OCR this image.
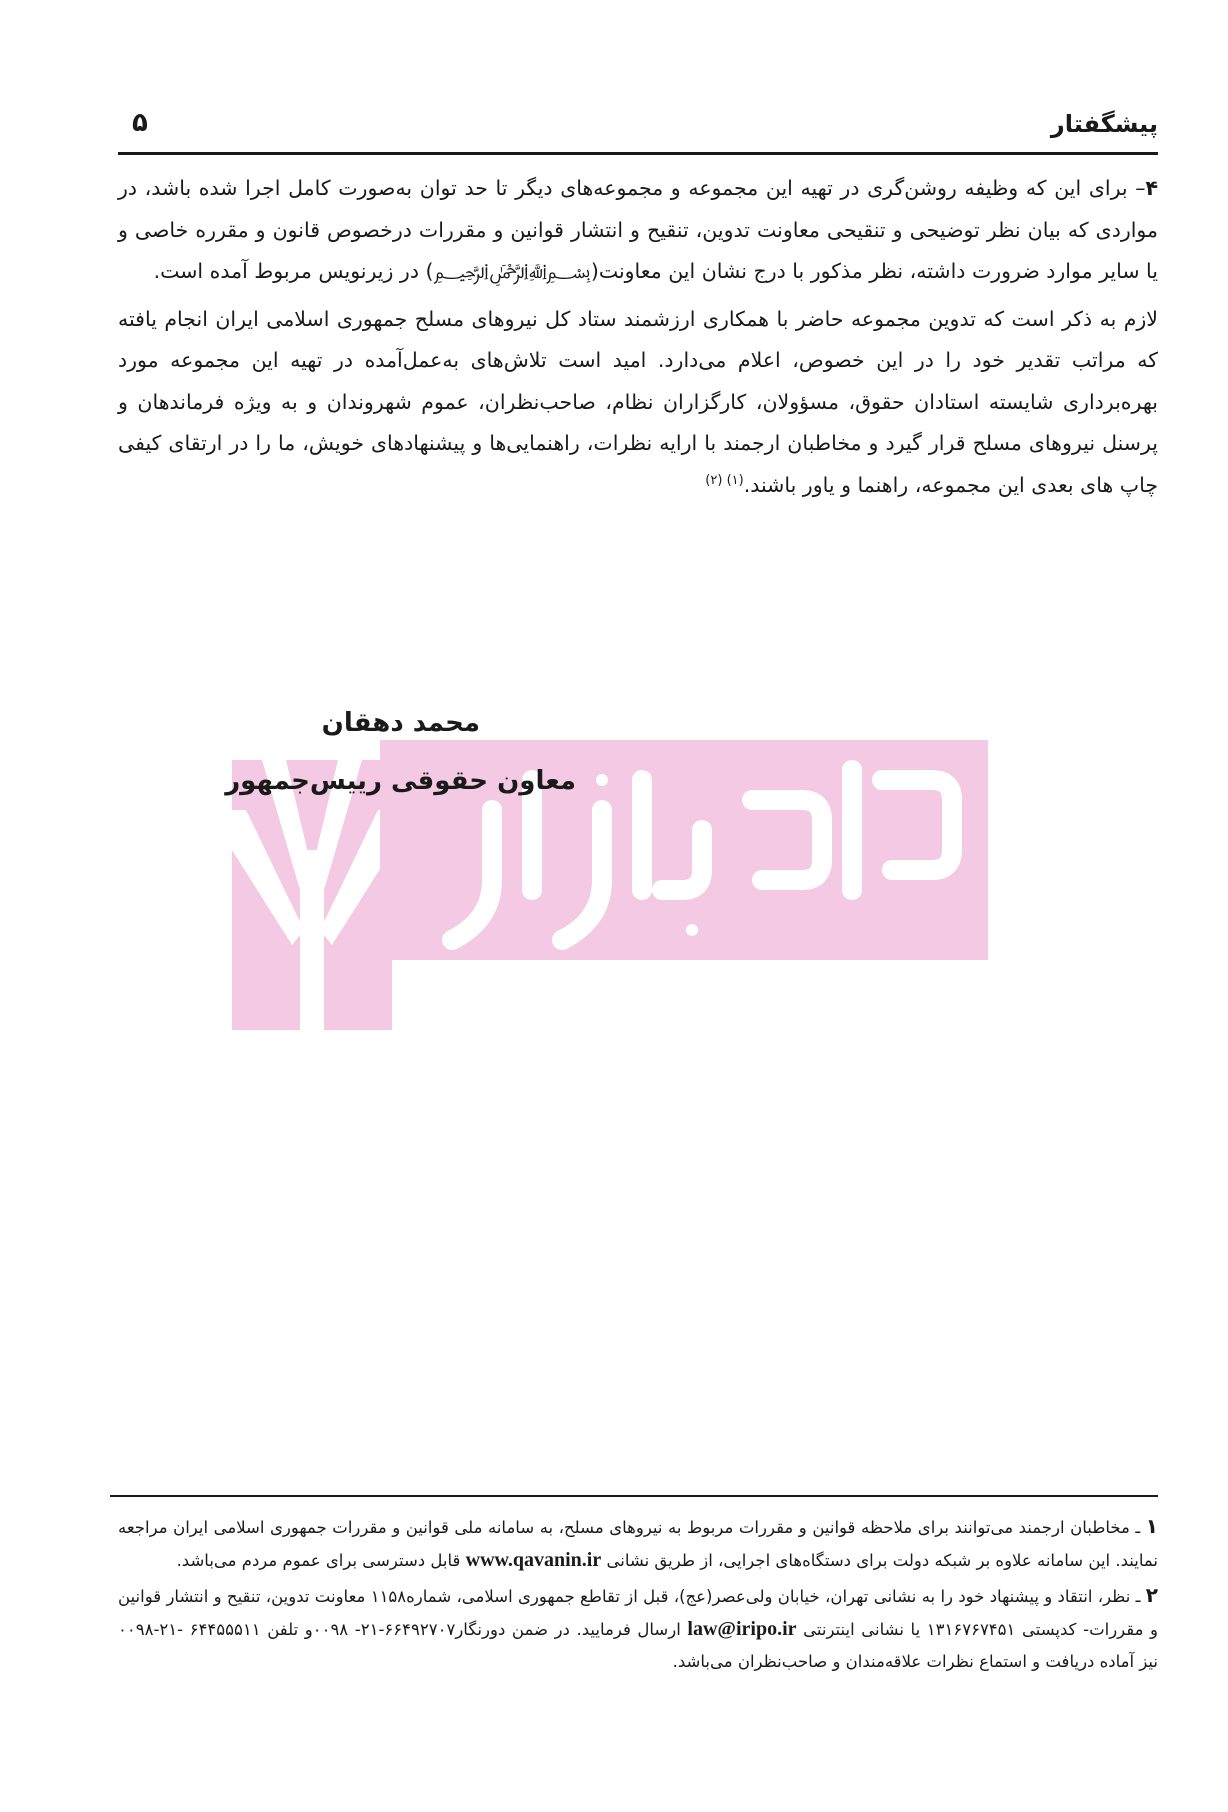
پیشگفتار
۵

۴– برای این که وظیفه روشن‌گری در تهیه این مجموعه و مجموعه‌های دیگر تا حد توان به‌صورت کامل اجرا شده باشد، در مواردی که بیان نظر توضیحی و تنقیحی معاونت تدوین، تنقیح و انتشار قوانین و مقررات درخصوص قانون و مقرره خاصی و یا سایر موارد ضرورت داشته، نظر مذکور با درج نشان این معاونت(﷽) در زیرنویس مربوط آمده است.

لازم به ذکر است که تدوین مجموعه حاضر با همکاری ارزشمند ستاد کل نیروهای مسلح جمهوری اسلامی ایران انجام یافته که مراتب تقدیر خود را در این خصوص، اعلام می‌دارد. امید است تلاش‌های به‌عمل‌آمده در تهیه این مجموعه مورد بهره‌برداری شایسته استادان حقوق، مسؤولان، کارگزاران نظام، صاحب‌نظران، عموم شهروندان و به ویژه فرماندهان و پرسنل نیروهای مسلح قرار گیرد و مخاطبان ارجمند با ارایه نظرات، راهنمایی‌ها و پیشنهادهای خویش، ما را در ارتقای کیفی چاپ های بعدی این مجموعه، راهنما و یاور باشند.$^{(۱) (۲)}$

محمد دهقان
معاون حقوقی رییس‌جمهور

۱ ـ مخاطبان ارجمند می‌توانند برای ملاحظه قوانین و مقررات مربوط به نیروهای مسلح، به سامانه ملی قوانین و مقررات جمهوری اسلامی ایران مراجعه نمایند. این سامانه علاوه بر شبکه دولت برای دستگاه‌های اجرایی، از طریق نشانی www.qavanin.ir قابل دسترسی برای عموم مردم می‌باشد.

۲ ـ نظر، انتقاد و پیشنهاد خود را به نشانی تهران، خیابان ولی‌عصر(عج)، قبل از تقاطع جمهوری اسلامی، شماره۱۱۵۸ معاونت تدوین، تنقیح و انتشار قوانین و مقررات- کدپستی ۱۳۱۶۷۶۷۴۵۱ یا نشانی اینترنتی law@iripo.ir ارسال فرمایید. در ضمن دورنگار۶۶۴۹۲۷۰۷-۲۱- ۰۰۹۸و تلفن ۶۴۴۵۵۵۱۱ -۲۱-۰۰۹۸ نیز آماده دریافت و استماع نظرات علاقه‌مندان و صاحب‌نظران می‌باشد.
